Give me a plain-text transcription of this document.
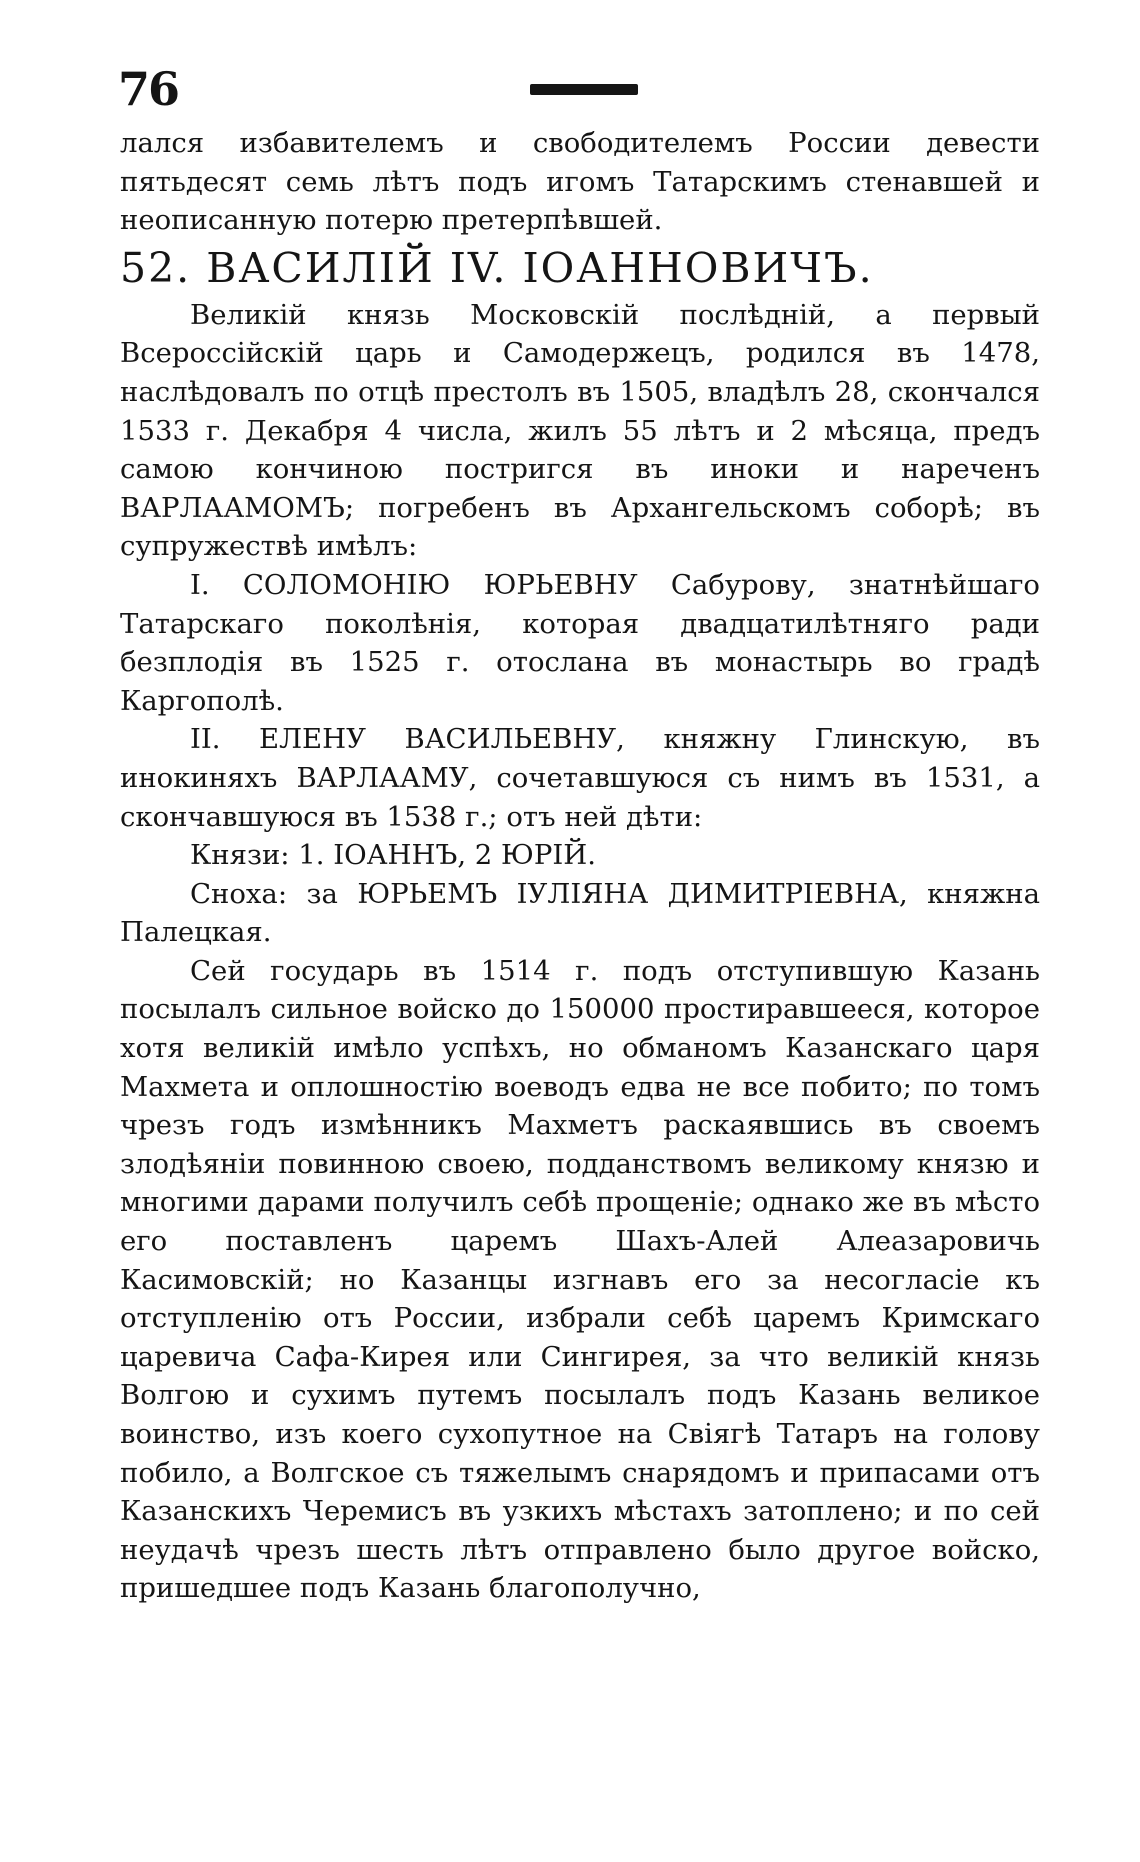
76

лался избавителемъ и свободителемъ России девести пятьдесят семь лѣтъ подъ игомъ Татарскимъ стенавшей и неописанную потерю претерпѣвшей.

52. ВАСИЛІЙ IV. ІОАННОВИЧЪ.

Великій князь Московскій послѣдній, а первый Всероссійскій царь и Самодержецъ, родился въ 1478, наслѣдовалъ по отцѣ престолъ въ 1505, владѣлъ 28, скончался 1533 г. Декабря 4 числа, жилъ 55 лѣтъ и 2 мѣсяца, предъ самою кончиною постригся въ иноки и нареченъ ВАРЛААМОМЪ; погребенъ въ Архангельскомъ соборѣ; въ супружествѣ имѣлъ:

I. СОЛОМОНІЮ ЮРЬЕВНУ Сабурову, знатнѣйшаго Татарскаго поколѣнія, которая двадцатилѣтняго ради безплодія въ 1525 г. отослана въ монастырь во градѣ Каргополѣ.

II. ЕЛЕНУ ВАСИЛЬЕВНУ, княжну Глинскую, въ инокиняхъ ВАРЛААМУ, сочетавшуюся съ нимъ въ 1531, а скончавшуюся въ 1538 г.; отъ ней дѣти:

Князи: 1. ІОАННЪ, 2 ЮРІЙ.

Сноха: за ЮРЬЕМЪ ІУЛІЯНА ДИМИТРІЕВНА, княжна Палецкая.

Сей государь въ 1514 г. подъ отступившую Казань посылалъ сильное войско до 150000 простиравшееся, которое хотя великій имѣло успѣхъ, но обманомъ Казанскаго царя Махмета и оплошностію воеводъ едва не все побито; по томъ чрезъ годъ измѣнникъ Махметъ раскаявшись въ своемъ злодѣяніи повинною своею, подданствомъ великому князю и многими дарами получилъ себѣ прощеніе; однако же въ мѣсто его поставленъ царемъ Шахъ-Алей Алеазаровичь Касимовскій; но Казанцы изгнавъ его за несогласіе къ отступленію отъ России, избрали себѣ царемъ Кримскаго царевича Сафа-Кирея или Сингирея, за что великій князь Волгою и сухимъ путемъ посылалъ подъ Казань великое воинство, изъ коего сухопутное на Свіягѣ Татаръ на голову побило, а Волгское съ тяжелымъ снарядомъ и припасами отъ Казанскихъ Черемисъ въ узкихъ мѣстахъ затоплено; и по сей неудачѣ чрезъ шесть лѣтъ отправлено было другое войско, пришедшее подъ Казань благополучно,
